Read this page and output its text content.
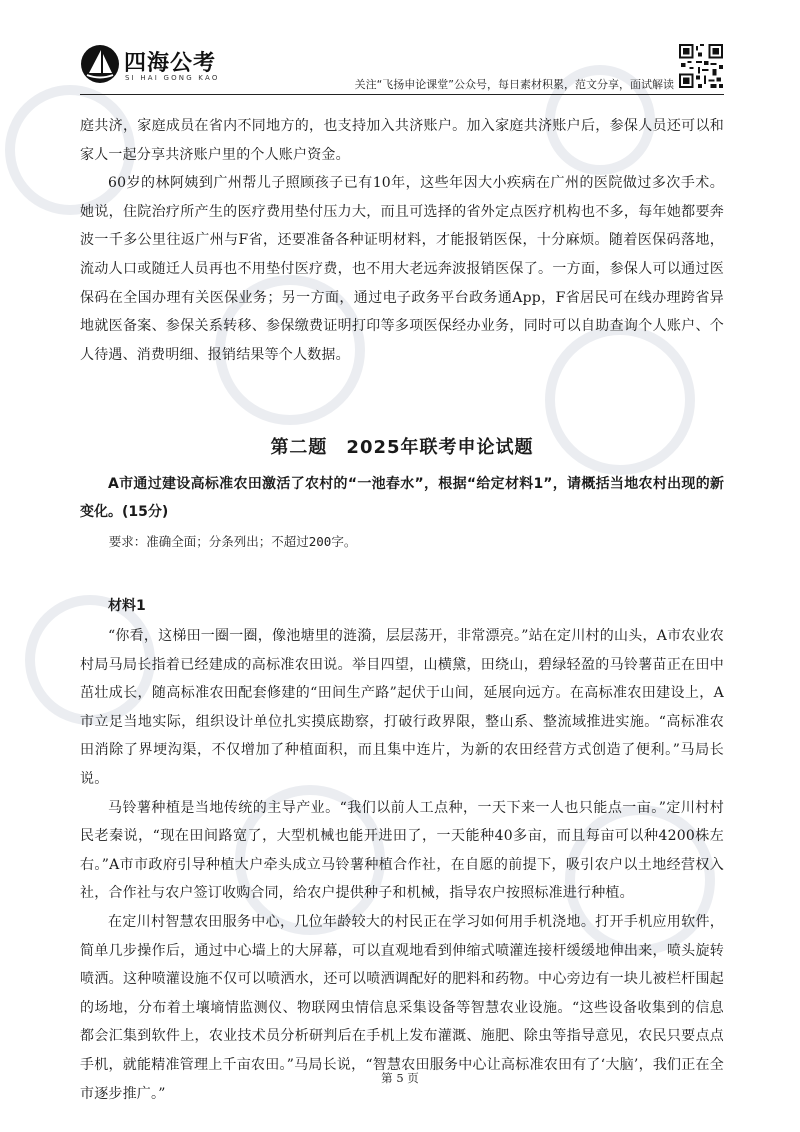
四海公考
SI HAI GONG KAO	关注“飞扬申论课堂”公众号，每日素材积累，范文分享，面试解读

庭共济，家庭成员在省内不同地方的，也支持加入共济账户。加入家庭共济账户后，参保人员还可以和家人一起分享共济账户里的个人账户资金。

60岁的林阿姨到广州帮儿子照顾孩子已有10年，这些年因大小疾病在广州的医院做过多次手术。她说，住院治疗所产生的医疗费用垫付压力大，而且可选择的省外定点医疗机构也不多，每年她都要奔波一千多公里往返广州与F省，还要准备各种证明材料，才能报销医保，十分麻烦。随着医保码落地，流动人口或随迁人员再也不用垫付医疗费，也不用大老远奔波报销医保了。一方面，参保人可以通过医保码在全国办理有关医保业务；另一方面，通过电子政务平台政务通App，F省居民可在线办理跨省异地就医备案、参保关系转移、参保缴费证明打印等多项医保经办业务，同时可以自助查询个人账户、个人待遇、消费明细、报销结果等个人数据。

第二题　2025年联考申论试题

A市通过建设高标准农田激活了农村的“一池春水”，根据“给定材料1”，请概括当地农村出现的新变化。(15分)

要求：准确全面；分条列出；不超过200字。

材料1

“你看，这梯田一圈一圈，像池塘里的涟漪，层层荡开，非常漂亮。”站在定川村的山头，A市农业农村局马局长指着已经建成的高标准农田说。举目四望，山横黛，田绕山，碧绿轻盈的马铃薯苗正在田中茁壮成长，随高标准农田配套修建的“田间生产路”起伏于山间，延展向远方。在高标准农田建设上，A市立足当地实际，组织设计单位扎实摸底勘察，打破行政界限，整山系、整流域推进实施。“高标准农田消除了界埂沟渠，不仅增加了种植面积，而且集中连片，为新的农田经营方式创造了便利。”马局长说。

马铃薯种植是当地传统的主导产业。“我们以前人工点种，一天下来一人也只能点一亩。”定川村村民老秦说，“现在田间路宽了，大型机械也能开进田了，一天能种40多亩，而且每亩可以种4200株左右。”A市市政府引导种植大户牵头成立马铃薯种植合作社，在自愿的前提下，吸引农户以土地经营权入社，合作社与农户签订收购合同，给农户提供种子和机械，指导农户按照标准进行种植。

在定川村智慧农田服务中心，几位年龄较大的村民正在学习如何用手机浇地。打开手机应用软件，简单几步操作后，通过中心墙上的大屏幕，可以直观地看到伸缩式喷灌连接杆缓缓地伸出来，喷头旋转喷洒。这种喷灌设施不仅可以喷洒水，还可以喷洒调配好的肥料和药物。中心旁边有一块儿被栏杆围起的场地，分布着土壤墒情监测仪、物联网虫情信息采集设备等智慧农业设施。“这些设备收集到的信息都会汇集到软件上，农业技术员分析研判后在手机上发布灌溉、施肥、除虫等指导意见，农民只要点点手机，就能精准管理上千亩农田。”马局长说，“智慧农田服务中心让高标准农田有了‘大脑’，我们正在全市逐步推广。”

第 5 页
